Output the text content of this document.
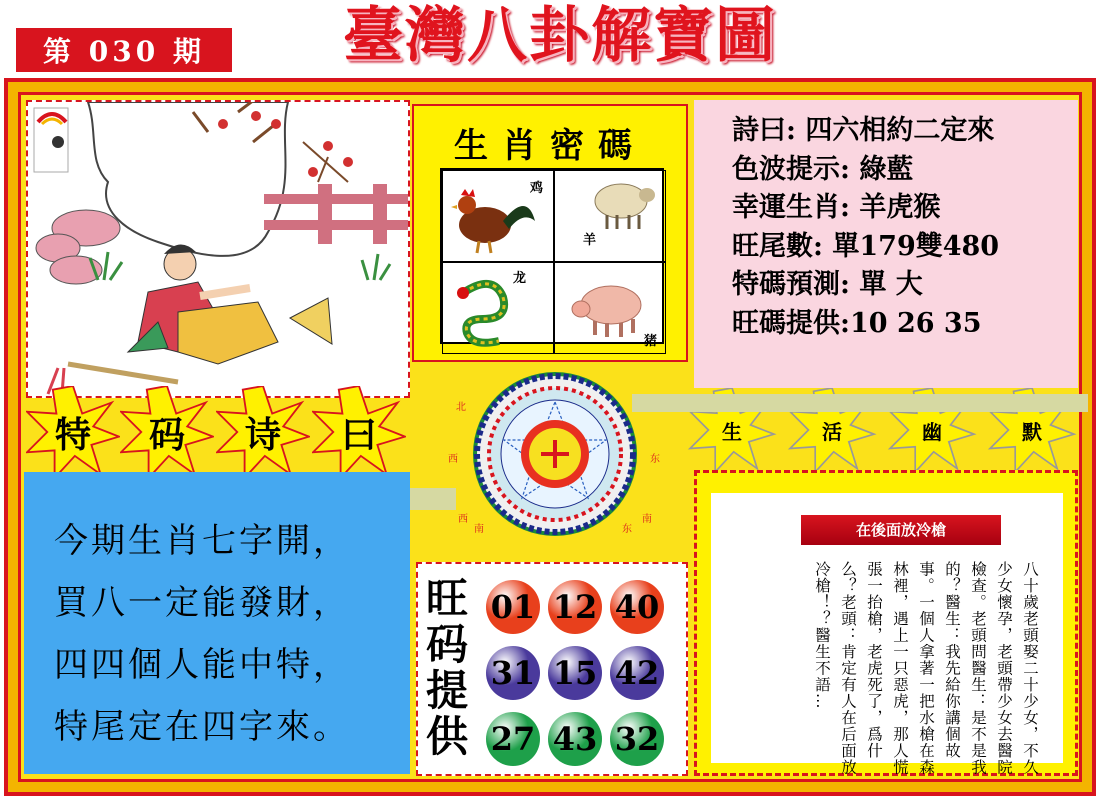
第 030 期	臺灣八卦解寶圖
生肖密碼
鸡
羊
龙
猪
詩曰: 四六相約二定來
色波提示: 綠藍
幸運生肖: 羊虎猴
旺尾數: 單179雙480
特碼預測: 單 大
旺碼提供:10 26 35
特	码	诗	曰	生	活	幽	默
北
西	东
西
南	东
南
今期生肖七字開，
買八一定能發財，
四四個人能中特，
特尾定在四字來。
旺码提供
01 12 40
31 15 42
27 43 32
在後面放冷槍
八十歲老頭娶二十少女，不久少女懷孕，老頭帶少女去醫院檢查。老頭問醫生：是不是我的？醫生：我先給你講個故事。一個人拿著一把水槍在森林裡，遇上一只惡虎，那人慌張一抬槍，老虎死了，爲什么？老頭：肯定有人在后面放冷槍！？醫生不語…
